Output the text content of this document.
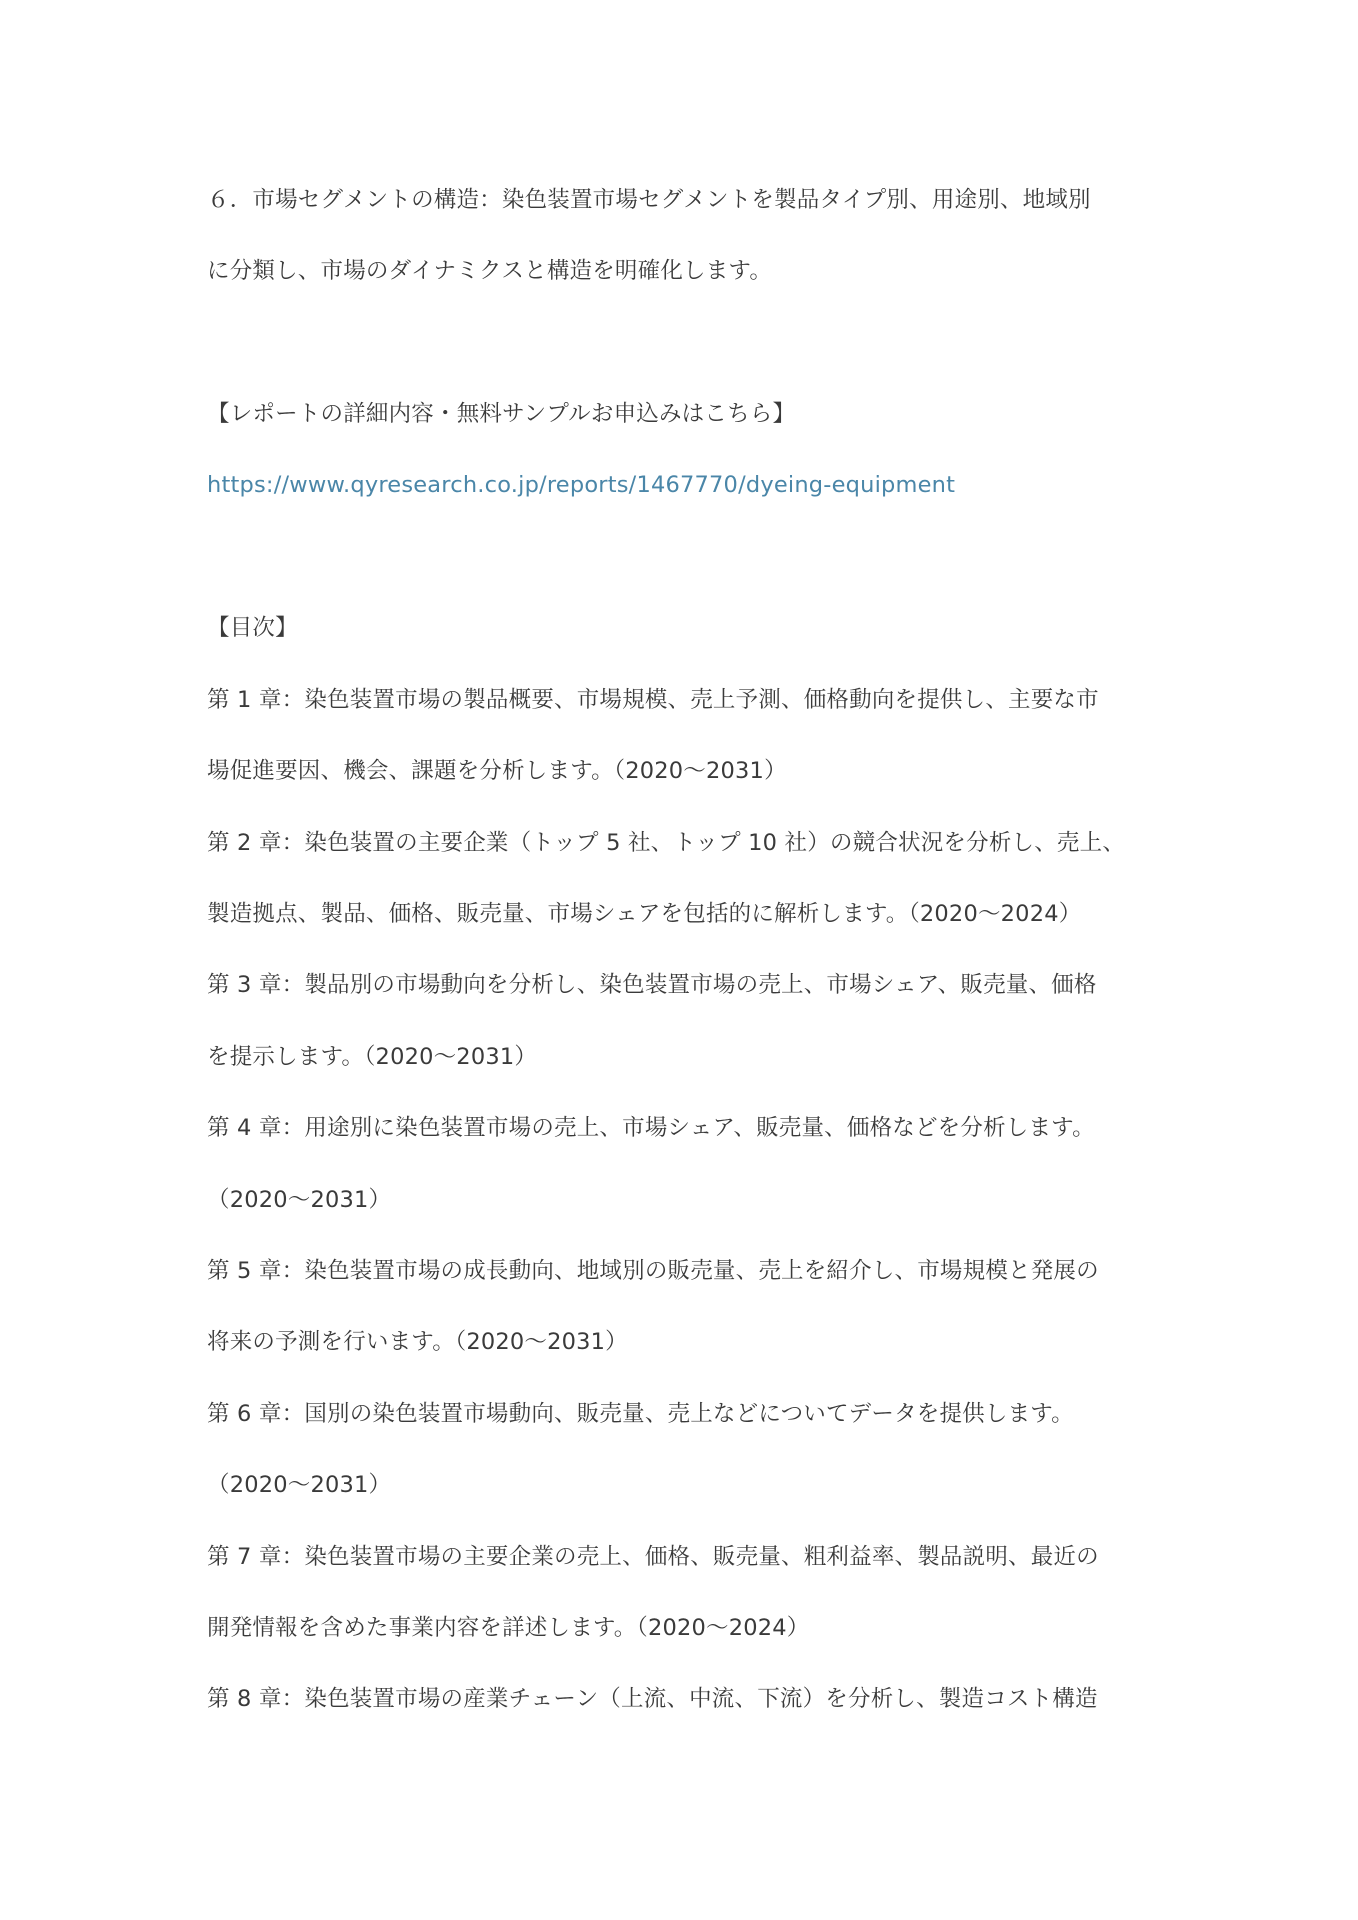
６．市場セグメントの構造：染色装置市場セグメントを製品タイプ別、用途別、地域別
に分類し、市場のダイナミクスと構造を明確化します。
【レポートの詳細内容・無料サンプルお申込みはこちら】
https://www.qyresearch.co.jp/reports/1467770/dyeing-equipment
【目次】
第 1 章：染色装置市場の製品概要、市場規模、売上予測、価格動向を提供し、主要な市
場促進要因、機会、課題を分析します。（2020～2031）
第 2 章：染色装置の主要企業（トップ 5 社、トップ 10 社）の競合状況を分析し、売上、
製造拠点、製品、価格、販売量、市場シェアを包括的に解析します。（2020～2024）
第 3 章：製品別の市場動向を分析し、染色装置市場の売上、市場シェア、販売量、価格
を提示します。（2020～2031）
第 4 章：用途別に染色装置市場の売上、市場シェア、販売量、価格などを分析します。
（2020～2031）
第 5 章：染色装置市場の成長動向、地域別の販売量、売上を紹介し、市場規模と発展の
将来の予測を行います。（2020～2031）
第 6 章：国別の染色装置市場動向、販売量、売上などについてデータを提供します。
（2020～2031）
第 7 章：染色装置市場の主要企業の売上、価格、販売量、粗利益率、製品説明、最近の
開発情報を含めた事業内容を詳述します。（2020～2024）
第 8 章：染色装置市場の産業チェーン（上流、中流、下流）を分析し、製造コスト構造
